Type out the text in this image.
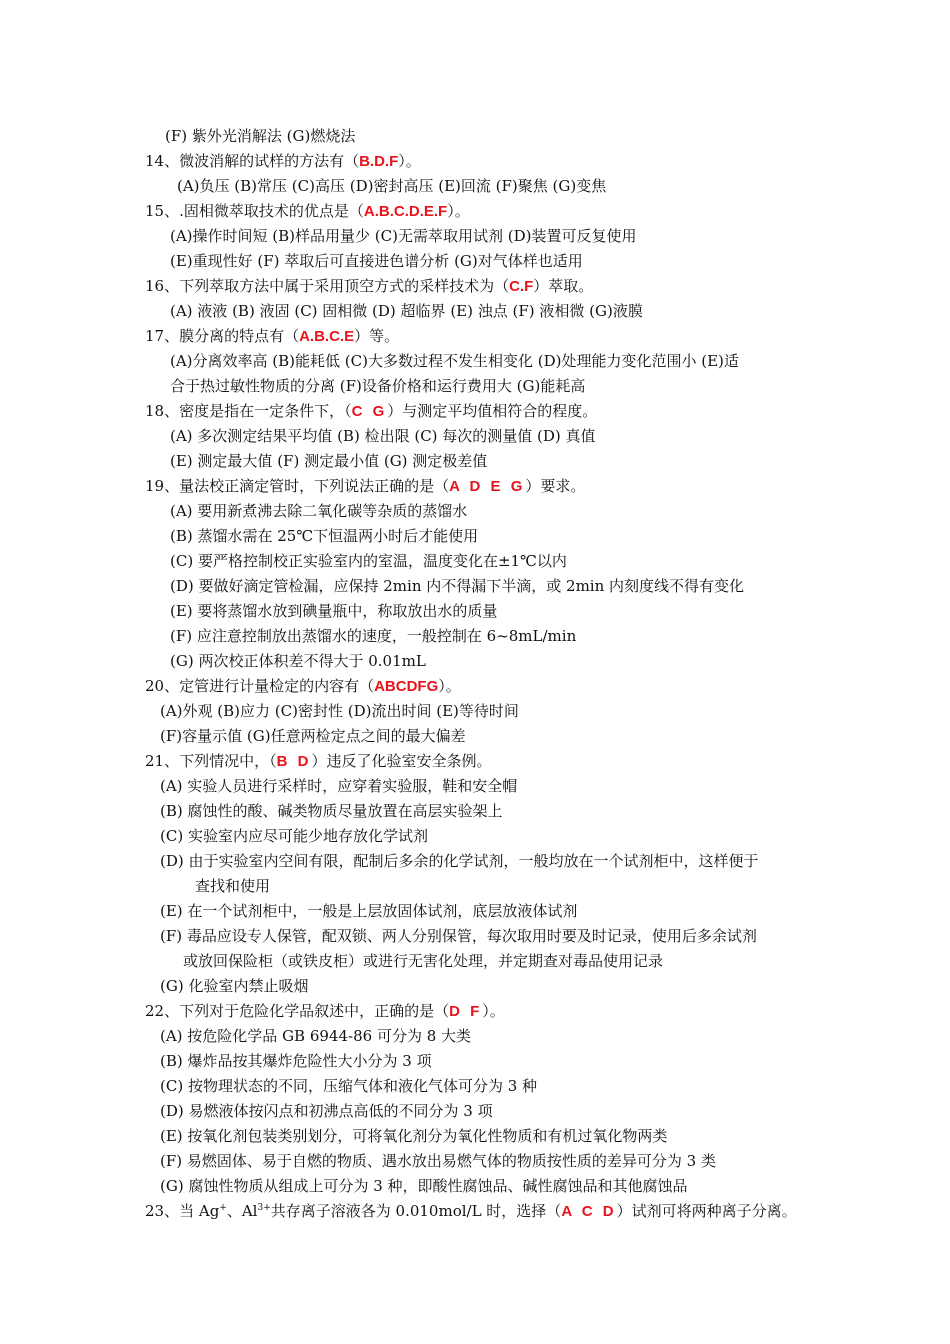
(F) 紫外光消解法 (G)燃烧法
14、微波消解的试样的方法有（B.D.F）。
(A)负压 (B)常压 (C)高压 (D)密封高压 (E)回流 (F)聚焦 (G)变焦
15、.固相微萃取技术的优点是（A.B.C.D.E.F）。
(A)操作时间短 (B)样品用量少 (C)无需萃取用试剂 (D)装置可反复使用
(E)重现性好 (F) 萃取后可直接进色谱分析 (G)对气体样也适用
16、下列萃取方法中属于采用顶空方式的采样技术为（C.F）萃取。
(A) 液液 (B) 液固 (C) 固相微 (D) 超临界 (E) 浊点 (F) 液相微 (G)液膜
17、膜分离的特点有（A.B.C.E）等。
(A)分离效率高 (B)能耗低 (C)大多数过程不发生相变化 (D)处理能力变化范围小 (E)适
合于热过敏性物质的分离 (F)设备价格和运行费用大 (G)能耗高
18、密度是指在一定条件下，（C G）与测定平均值相符合的程度。
(A) 多次测定结果平均值 (B) 检出限 (C) 每次的测量值 (D) 真值
(E) 测定最大值 (F) 测定最小值 (G) 测定极差值
19、量法校正滴定管时，下列说法正确的是（A D E G）要求。
(A) 要用新煮沸去除二氧化碳等杂质的蒸馏水
(B) 蒸馏水需在 25℃下恒温两小时后才能使用
(C) 要严格控制校正实验室内的室温，温度变化在±1℃以内
(D) 要做好滴定管检漏，应保持 2min 内不得漏下半滴，或 2min 内刻度线不得有变化
(E) 要将蒸馏水放到碘量瓶中，称取放出水的质量
(F) 应注意控制放出蒸馏水的速度，一般控制在 6~8mL/min
(G) 两次校正体积差不得大于 0.01mL
20、定管进行计量检定的内容有（ABCDFG）。
(A)外观 (B)应力 (C)密封性 (D)流出时间 (E)等待时间
(F)容量示值 (G)任意两检定点之间的最大偏差
21、下列情况中，（B D）违反了化验室安全条例。
(A) 实验人员进行采样时，应穿着实验服，鞋和安全帽
(B) 腐蚀性的酸、碱类物质尽量放置在高层实验架上
(C) 实验室内应尽可能少地存放化学试剂
(D) 由于实验室内空间有限，配制后多余的化学试剂，一般均放在一个试剂柜中，这样便于
查找和使用
(E) 在一个试剂柜中，一般是上层放固体试剂，底层放液体试剂
(F) 毒品应设专人保管，配双锁、两人分别保管，每次取用时要及时记录，使用后多余试剂
或放回保险柜（或铁皮柜）或进行无害化处理，并定期查对毒品使用记录
(G) 化验室内禁止吸烟
22、下列对于危险化学品叙述中，正确的是（D F）。
(A) 按危险化学品 GB 6944-86 可分为 8 大类
(B) 爆炸品按其爆炸危险性大小分为 3 项
(C) 按物理状态的不同，压缩气体和液化气体可分为 3 种
(D) 易燃液体按闪点和初沸点高低的不同分为 3 项
(E) 按氧化剂包装类别划分，可将氧化剂分为氧化性物质和有机过氧化物两类
(F) 易燃固体、易于自燃的物质、遇水放出易燃气体的物质按性质的差异可分为 3 类
(G) 腐蚀性物质从组成上可分为 3 种，即酸性腐蚀品、碱性腐蚀品和其他腐蚀品
23、当 Ag+、$Al^{3+}$共存离子溶液各为 0.010mol/L 时，选择（A C D）试剂可将两种离子分离。
